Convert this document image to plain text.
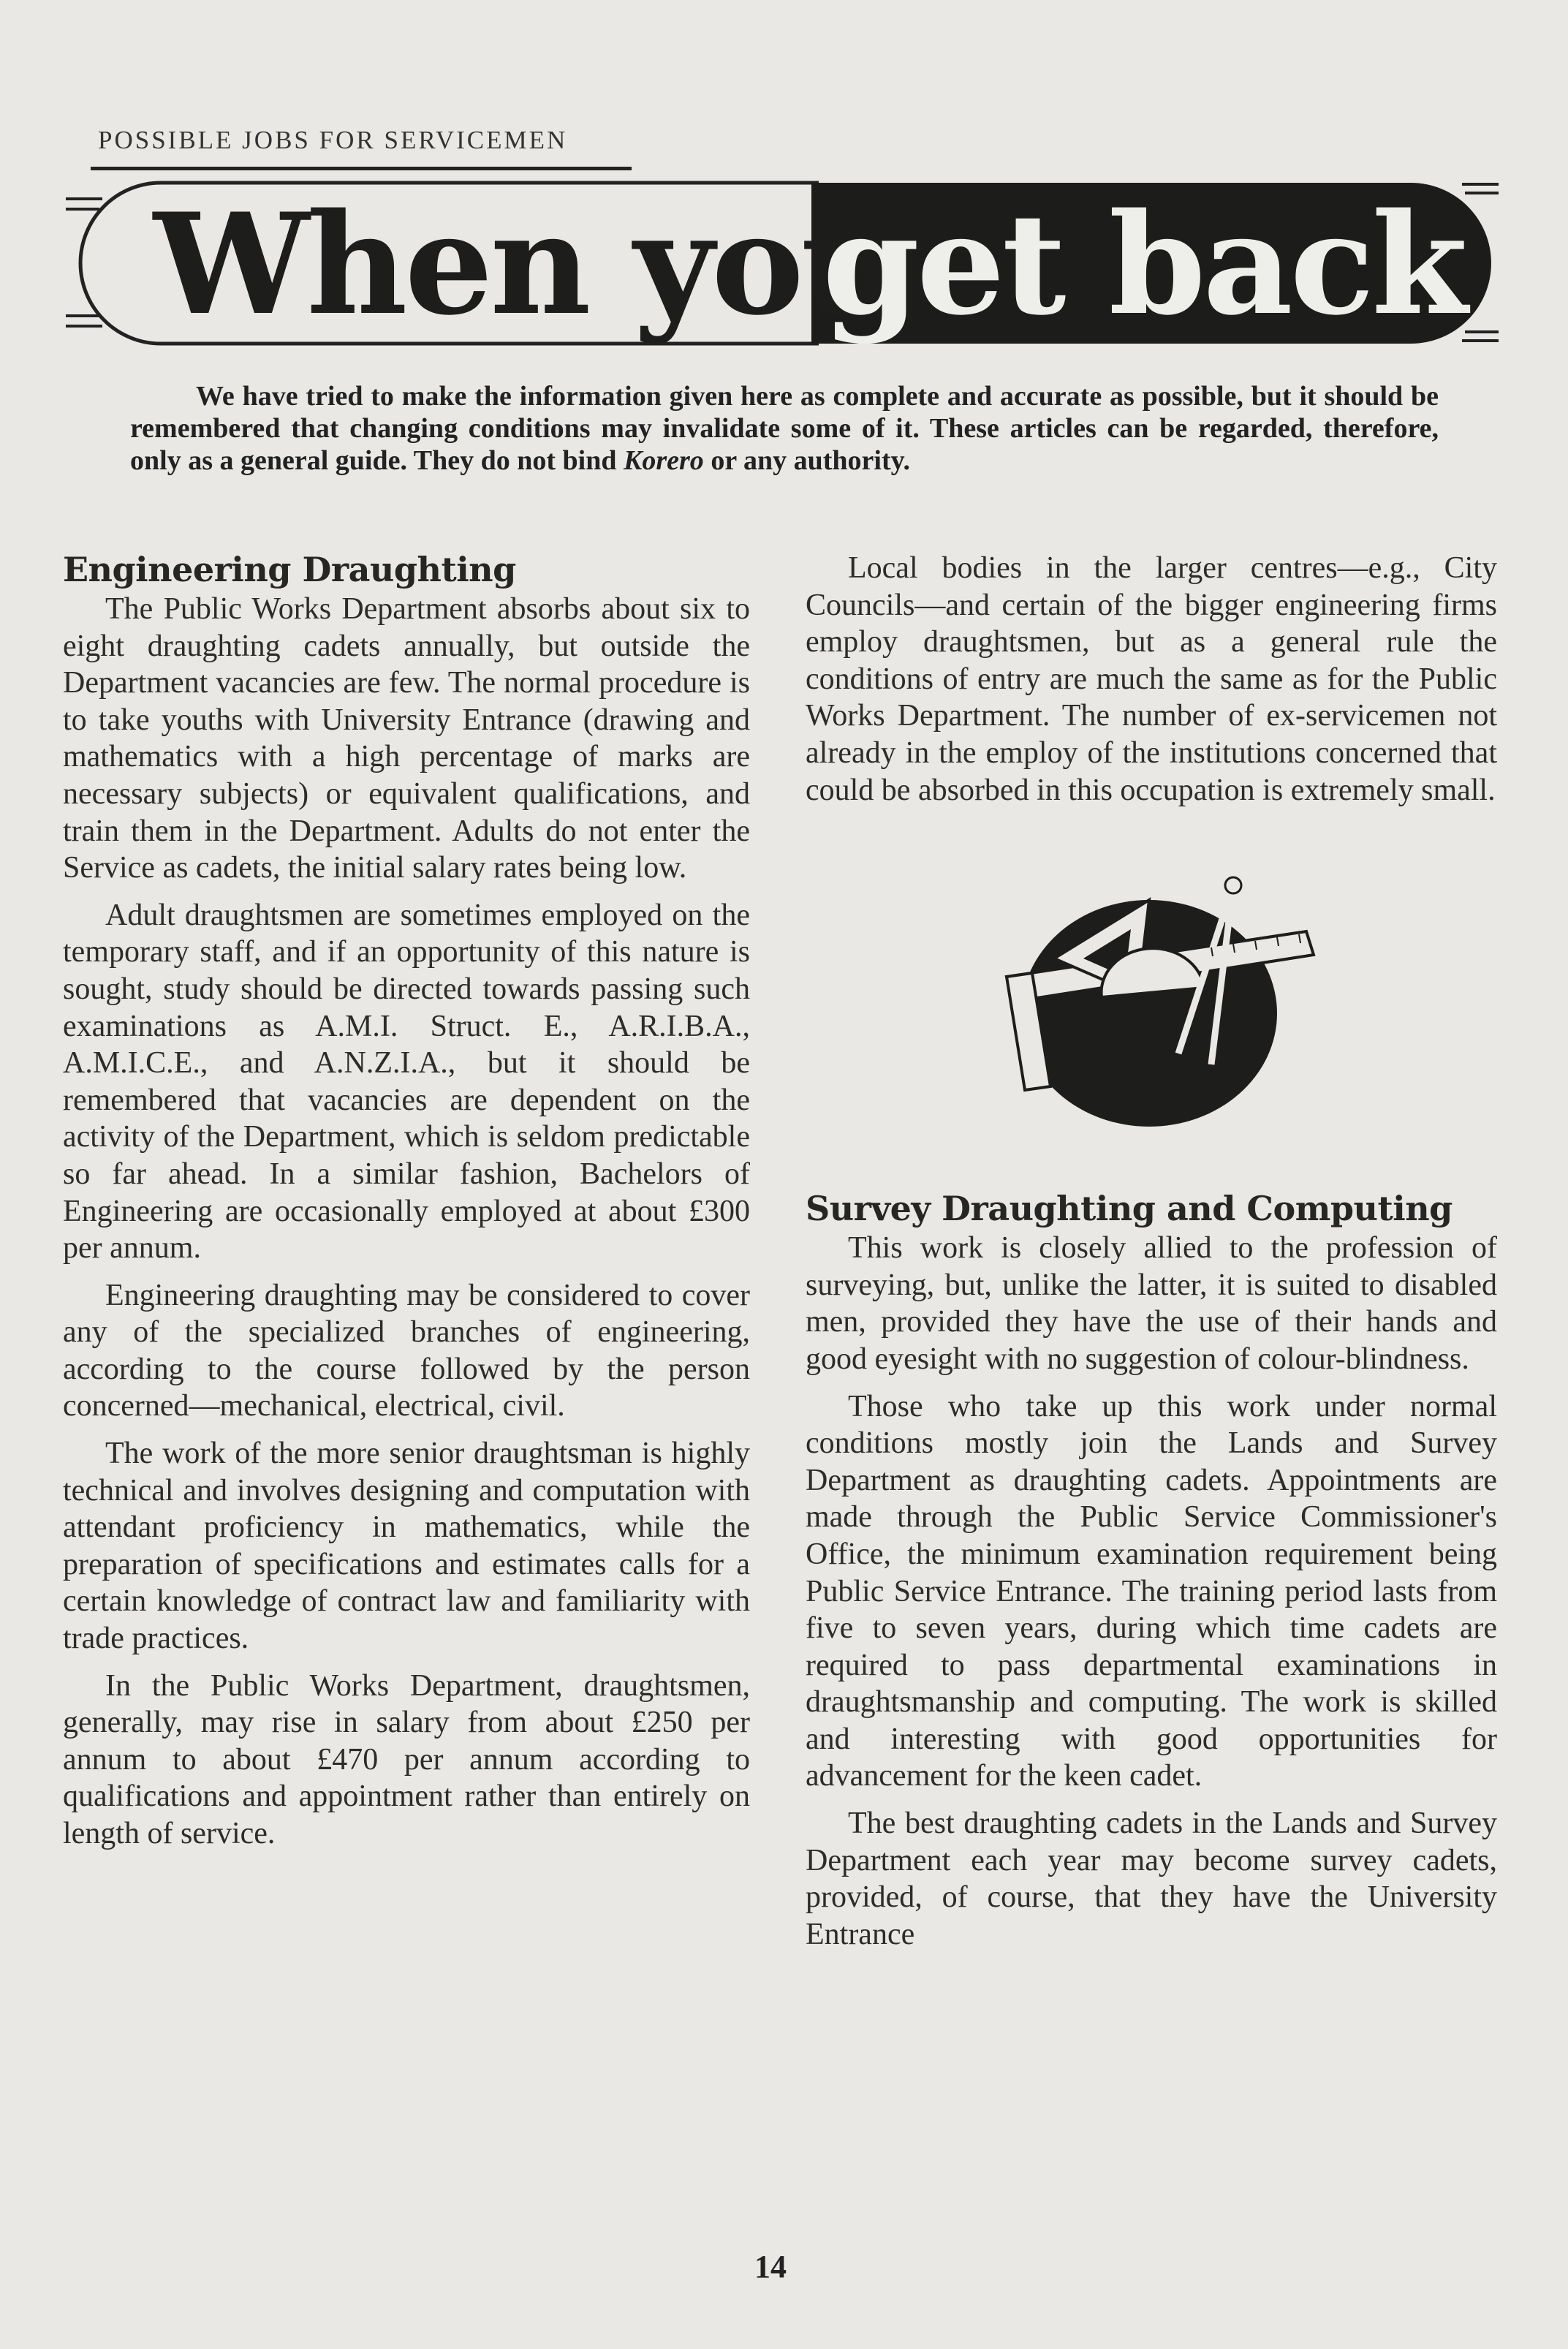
POSSIBLE JOBS FOR SERVICEMEN
When you
get back

We have tried to make the information given here as complete and accurate as possible, but it should be remembered that changing conditions may invalidate some of it. These articles can be regarded, therefore, only as a general guide. They do not bind Korero or any authority.

Engineering Draughting

The Public Works Department absorbs about six to eight draughting cadets annually, but outside the Department vacancies are few. The normal procedure is to take youths with University Entrance (drawing and mathematics with a high percentage of marks are necessary subjects) or equivalent qualifications, and train them in the Department. Adults do not enter the Service as cadets, the initial salary rates being low.

Adult draughtsmen are sometimes employed on the temporary staff, and if an opportunity of this nature is sought, study should be directed towards passing such examinations as A.M.I. Struct. E., A.R.I.B.A., A.M.I.C.E., and A.N.Z.I.A., but it should be remembered that vacancies are dependent on the activity of the Department, which is seldom predictable so far ahead. In a similar fashion, Bachelors of Engineering are occasionally employed at about £300 per annum.

Engineering draughting may be considered to cover any of the specialized branches of engineering, according to the course followed by the person concerned—mechanical, electrical, civil.

The work of the more senior draughtsman is highly technical and involves designing and computation with attendant proficiency in mathematics, while the preparation of specifications and estimates calls for a certain knowledge of contract law and familiarity with trade practices.

In the Public Works Department, draughtsmen, generally, may rise in salary from about £250 per annum to about £470 per annum according to qualifications and appointment rather than entirely on length of service.

Local bodies in the larger centres—e.g., City Councils—and certain of the bigger engineering firms employ draughtsmen, but as a general rule the conditions of entry are much the same as for the Public Works Department. The number of ex-servicemen not already in the employ of the institutions concerned that could be absorbed in this occupation is extremely small.

Survey Draughting and Computing

This work is closely allied to the profession of surveying, but, unlike the latter, it is suited to disabled men, provided they have the use of their hands and good eyesight with no suggestion of colour-blindness.

Those who take up this work under normal conditions mostly join the Lands and Survey Department as draughting cadets. Appointments are made through the Public Service Commissioner's Office, the minimum examination requirement being Public Service Entrance. The training period lasts from five to seven years, during which time cadets are required to pass departmental examinations in draughtsmanship and computing. The work is skilled and interesting with good opportunities for advancement for the keen cadet.

The best draughting cadets in the Lands and Survey Department each year may become survey cadets, provided, of course, that they have the University Entrance

14
